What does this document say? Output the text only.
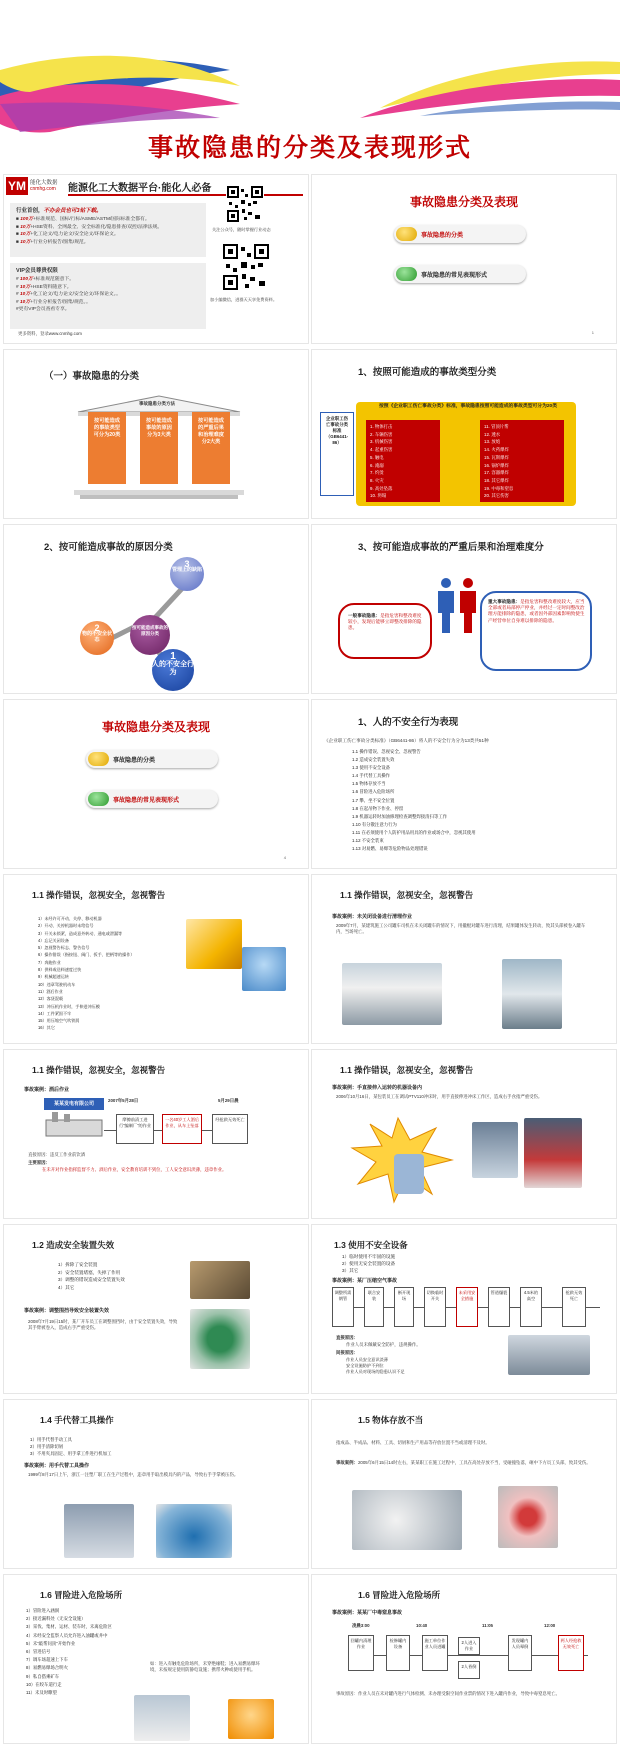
事故隐患的分类及表现形式
YM 能化大数据
cnmhg.com 能源化工大数据平台·能化人必备
行业首创，不办会员也可3钻下载。
■ 100万+标准规范、国标/行标/ASME/ASTM/国际标准全都有。
■ 10万+HSE资料、全网最全、安全标准化/隐患排查/双控/法律法规。
■ 10万+化工论文/电力论文/安全论文/环保论文。
■ 10万+行业分析报告/图集/规范。
VIP会员尊贵权限
# 100万+标准规范随意下。
# 10万+HSE资料随意下。
# 10万+化工论文/电力论文/安全论文/环保论文。。
# 10万+行业分析报告/图集/规范。。
#更有VIP会员查看专享。
更多资料，登录www.cnmhg.com
关注公众号，随时掌握行业动态
加小编微信，进群天天享免费资料。
事故隐患分类及表现
事故隐患的分类
事故隐患的常见表现形式
1
（一）事故隐患的分类
事故隐患分类方法
按可能造成的事故类型可分为20类
按可能造成事故的原因分为3大类
按可能造成的严重后果和治理难度分2大类
1、按照可能造成的事故类型分类
企业职工伤亡事故分类标准（GB6441-86）
按照《企业职工伤亡事故分类》标准，事故隐患按照可能造成的事故类型可分为20类
1. 物体打击
2. 车辆伤害
3. 机械伤害
4. 起重伤害
5. 触电
6. 淹溺
7. 灼烫
8. 火灾
9. 高处坠落
10. 坍塌
11. 冒顶片帮
12. 透水
13. 放炮
14. 火药爆炸
15. 瓦斯爆炸
16. 锅炉爆炸
17. 容器爆炸
18. 其它爆炸
19. 中毒和窒息
20. 其它伤害
2、按可能造成事故的原因分类
按可能造成事故的原因分类
3
管理上的缺陷
2
物的不安全状态
1
人的不安全行为
3、按可能造成事故的严重后果和治理难度分
一般事故隐患：是指危害和整改难度较小，发现后能够立即整改排除的隐患。
重大事故隐患：是指危害和整改难度较大，应当全部或者局部停产停业，并经过一定时间整改治理方能排除的隐患，或者因外部因素影响致使生产经营单位自身难以排除的隐患。
事故隐患分类及表现
事故隐患的分类
事故隐患的常见表现形式
4
1、人的不安全行为表现
《企业职工伤亡事故分类标准》（GB6441-86）将人的不安全行为分为13类共51种
1.1 操作错误、忽视安全、忽视警告
1.2 造成安全装置失效
1.3 使用不安全设备
1.4 手代替工具操作
1.5 物体存放不当
1.6 冒险进入危险场所
1.7 攀、坐不安全位置
1.8 在起吊物下作业、停留
1.9 机器运转时加油修理检查调整焊接清扫等工作
1.10 有分散注意力行为
1.11 在必须使用个人防护用品用具的作业或场合中，忽视其使用
1.12 不安全装束
1.13 对易燃、易爆等危险物品处理错误
1.1 操作错误，忽视安全，忽视警告
1）未经许可开动、关停、移动机器
2）开动、关停机器时未给信号
3）开关未锁紧，造成意外转动、通电或泄漏等
4）忘记关闭设备
5）忽视警告标志、警告信号
6）操作错误（指按钮、阀门、扳手、把柄等的操作）
7）奔跑作业
8）供料或送料速度过快
9）机械超速运转
10）违章驾驶机动车
11）酒后作业
12）客货混载
13）冲压机作业时，手伸进冲压模
14）工件紧固不牢
15）用压缩空气吹铁屑
16）其它
1.1 操作错误，忽视安全，忽视警告
事故案例：未关闭设备进行清理作业
2009年7月，某建筑施工公司罐车司机在未关闭罐车的情况下，用撬棍对罐车进行清理，结果罐体发生转动，致其头部被卷入罐车内，当场死亡。
1.1 操作错误，忽视安全，忽视警告
事故案例：酒后作业
某某发电有限公司
2007年5月28日	5月29日晨
摩擦前清工进行“编制厂”的作业
一名40岁工人酒后作业，从车上坠落
经抢救无效死亡
直接原因：违反工作业前饮酒
主要原因：
在未开对作业指挥监督不力、酒后作业，安全教育培训不到位，工人安全意识淡薄，违章作业。
1.1 操作错误，忽视安全，忽视警告
事故案例：手直接伸入运转的机器设备内
2006年10月16日，某包装员工在调试PTV110冲床时，用手直接伸进冲床工作区，造成右手食指严重受伤。
1.2 造成安全装置失效
1）拆除了安全装置
2）安全装置堵塞，失掉了作用
3）调整的错误造成安全装置失效
4）其它
事故案例：调整围挡导致安全装置失效
2008年7月19日15时，某厂开车员工在调整围挡时，由于安全装置失效，导致其手臂被卷入，造成右手严重受伤。
1.3 使用不安全设备
1）临时使用不牢固的设施
2）使用无安全装置的设备
3）其它
事故案例：某厂压缩空气事故
调整所需钢管
联合安装
断开现场
切换临时开关
未采用安全措施
管道爆裂	4.5米的高空
抢救无效死亡
直接原因：
作业人员未佩戴安全防护，违规操作。
间接原因：
作业人员安全意识淡薄
安全设施防护不到位
作业人员对现场的隐患认识不足
1.4 手代替工具操作
1）用手代替手动工具
2）用手清除切屑
3）不用夹具固定、用手拿工件进行机加工
事故案例：用手代替工具操作
1999年8月17日上午，浙江一注塑厂职工在生产过程中，违章用手取出模具内的产品，导致右手手掌被压伤。
1.5 物体存放不当
指成品、半成品、材料、工具、切屑和生产用品等存放位置不当或清理不及时。
事故案例：2005年6月15日14时左右，某某职工在施工过程中，工具在高处存放不当，受碰撞坠落，砸中下方员工头部，致其受伤。
1.6 冒险进入危险场所
1）冒险进入涵洞
2）接近漏料处（无安全设施）
3）采伐、集材、运材、装车时，未离危险区
4）未经安全监察人员允许进入油罐或井中
5）未“敲帮问顶”开始作业
6）冒进信号
7）调车场超速上下车
8）易燃易爆场合明火
9）私自搭乘矿车
10）在绞车道行走
11）未及时瞭望
如：进入有触电危险场所，未穿绝缘鞋；进入易燃易爆环境，未按规定使用防静电设施；携带火种或使用手机。
1.6 冒险进入危险场所
事故案例：某某厂中毒窒息事故
凌晨3:00	10:40	11:05	12:00
回罐内清理作业
检修罐内设备
施工单位作业人员进罐
2人进入作业
2人昏倒
发现罐内人员晕倒
两人经抢救无效死亡
事故原因：作业人员在未对罐内进行气体检测、未办理受限空间作业票的情况下进入罐内作业，导致中毒窒息死亡。
